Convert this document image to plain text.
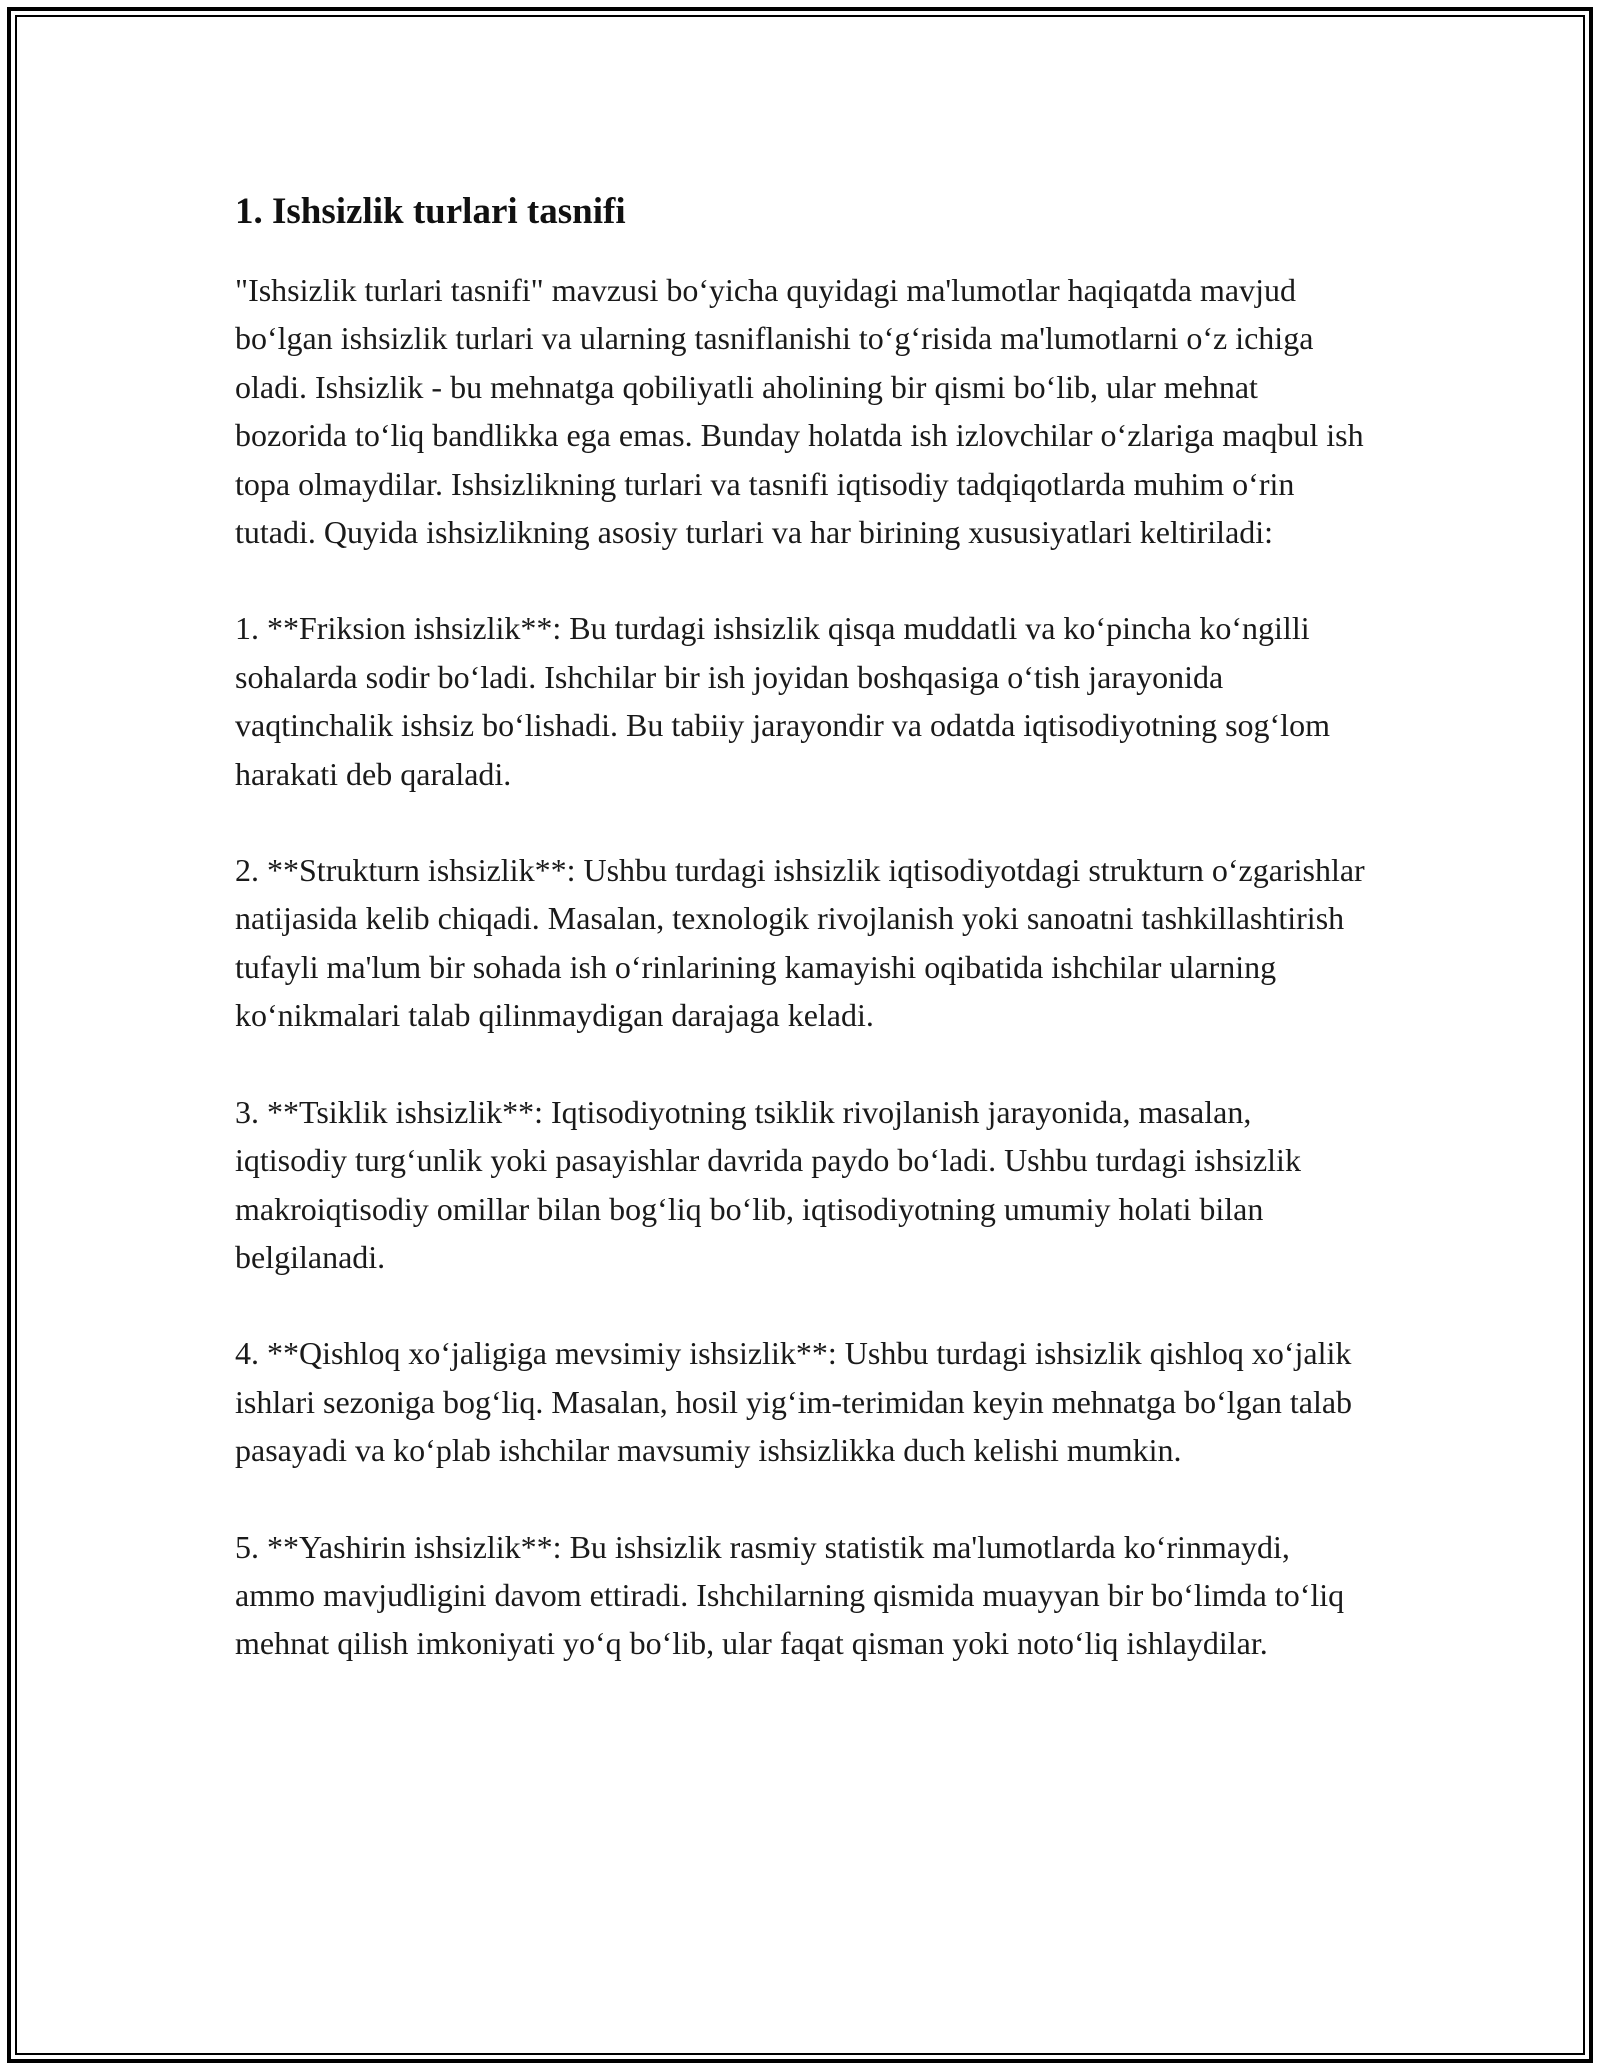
1. Ishsizlik turlari tasnifi

"Ishsizlik turlari tasnifi" mavzusi bo‘yicha quyidagi ma'lumotlar haqiqatda mavjud bo‘lgan ishsizlik turlari va ularning tasniflanishi to‘g‘risida ma'lumotlarni o‘z ichiga oladi. Ishsizlik - bu mehnatga qobiliyatli aholining bir qismi bo‘lib, ular mehnat bozorida to‘liq bandlikka ega emas. Bunday holatda ish izlovchilar o‘zlariga maqbul ish topa olmaydilar. Ishsizlikning turlari va tasnifi iqtisodiy tadqiqotlarda muhim o‘rin tutadi. Quyida ishsizlikning asosiy turlari va har birining xususiyatlari keltiriladi:

1. **Friksion ishsizlik**: Bu turdagi ishsizlik qisqa muddatli va ko‘pincha ko‘ngilli sohalarda sodir bo‘ladi. Ishchilar bir ish joyidan boshqasiga o‘tish jarayonida vaqtinchalik ishsiz bo‘lishadi. Bu tabiiy jarayondir va odatda iqtisodiyotning sog‘lom harakati deb qaraladi.

2. **Strukturn ishsizlik**: Ushbu turdagi ishsizlik iqtisodiyotdagi strukturn o‘zgarishlar natijasida kelib chiqadi. Masalan, texnologik rivojlanish yoki sanoatni tashkillashtirish tufayli ma'lum bir sohada ish o‘rinlarining kamayishi oqibatida ishchilar ularning ko‘nikmalari talab qilinmaydigan darajaga keladi.

3. **Tsiklik ishsizlik**: Iqtisodiyotning tsiklik rivojlanish jarayonida, masalan, iqtisodiy turg‘unlik yoki pasayishlar davrida paydo bo‘ladi. Ushbu turdagi ishsizlik makroiqtisodiy omillar bilan bog‘liq bo‘lib, iqtisodiyotning umumiy holati bilan belgilanadi.

4. **Qishloq xo‘jaligiga mevsimiy ishsizlik**: Ushbu turdagi ishsizlik qishloq xo‘jalik ishlari sezoniga bog‘liq. Masalan, hosil yig‘im-terimidan keyin mehnatga bo‘lgan talab pasayadi va ko‘plab ishchilar mavsumiy ishsizlikka duch kelishi mumkin.

5. **Yashirin ishsizlik**: Bu ishsizlik rasmiy statistik ma'lumotlarda ko‘rinmaydi, ammo mavjudligini davom ettiradi. Ishchilarning qismida muayyan bir bo‘limda to‘liq mehnat qilish imkoniyati yo‘q bo‘lib, ular faqat qisman yoki noto‘liq ishlaydilar.
